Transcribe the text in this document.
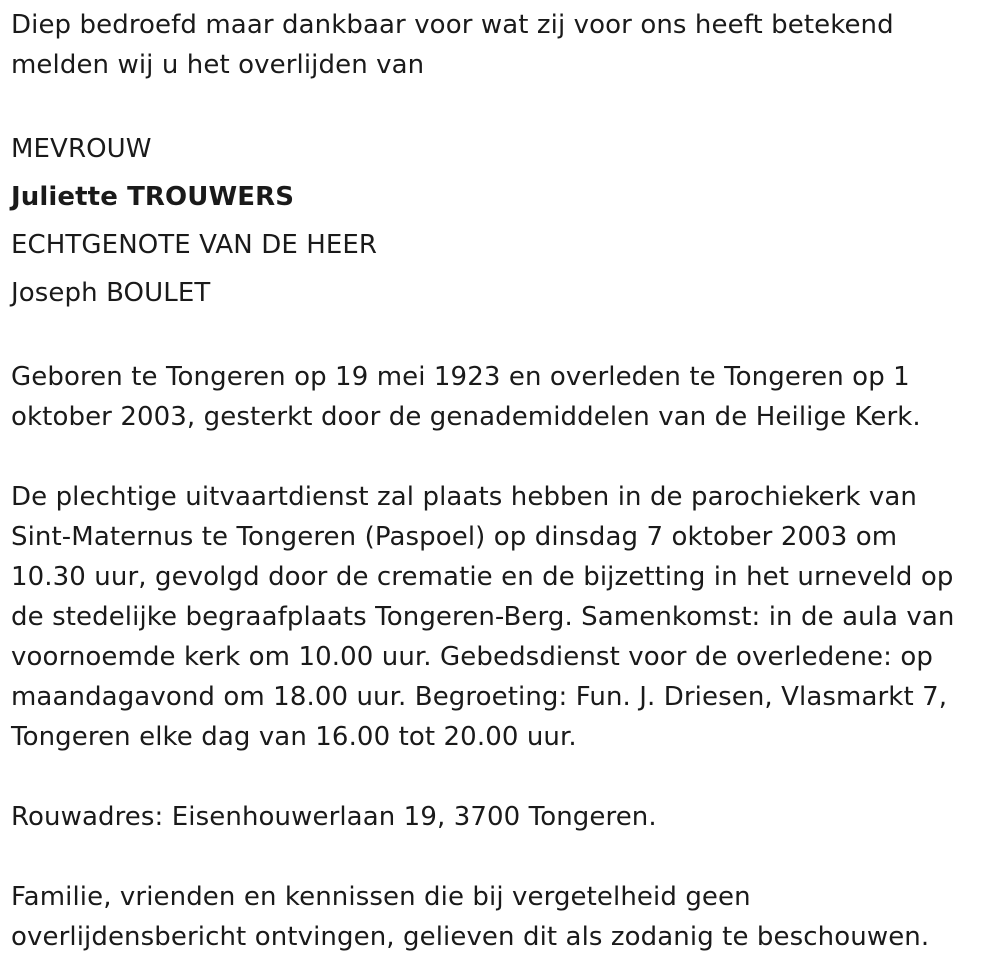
Diep bedroefd maar dankbaar voor wat zij voor ons heeft betekend
melden wij u het overlijden van
MEVROUW
Juliette TROUWERS
ECHTGENOTE VAN DE HEER
Joseph BOULET
Geboren te Tongeren op 19 mei 1923 en overleden te Tongeren op 1
oktober 2003, gesterkt door de genademiddelen van de Heilige Kerk.
De plechtige uitvaartdienst zal plaats hebben in de parochiekerk van
Sint-Maternus te Tongeren (Paspoel) op dinsdag 7 oktober 2003 om
10.30 uur, gevolgd door de crematie en de bijzetting in het urneveld op
de stedelijke begraafplaats Tongeren-Berg. Samenkomst: in de aula van
voornoemde kerk om 10.00 uur. Gebedsdienst voor de overledene: op
maandagavond om 18.00 uur. Begroeting: Fun. J. Driesen, Vlasmarkt 7,
Tongeren elke dag van 16.00 tot 20.00 uur.
Rouwadres: Eisenhouwerlaan 19, 3700 Tongeren.
Familie, vrienden en kennissen die bij vergetelheid geen
overlijdensbericht ontvingen, gelieven dit als zodanig te beschouwen.
